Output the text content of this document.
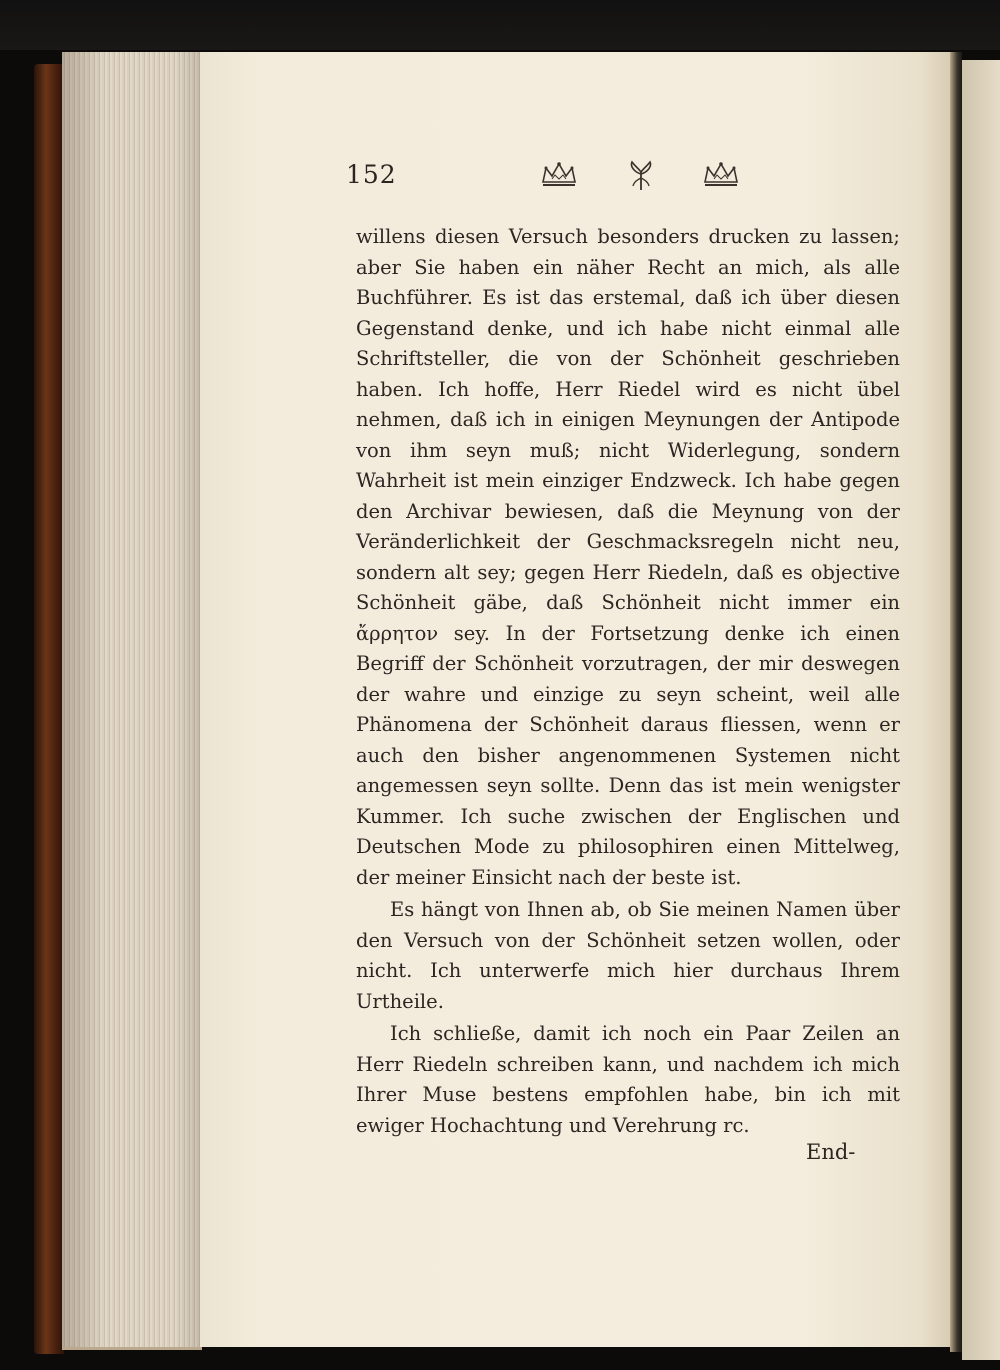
152

willens diesen Versuch besonders drucken zu lassen; aber Sie haben ein näher Recht an mich, als alle Buchführer. Es ist das erstemal, daß ich über diesen Gegenstand denke, und ich habe nicht einmal alle Schriftsteller, die von der Schönheit geschrieben haben. Ich hoffe, Herr Riedel wird es nicht übel nehmen, daß ich in einigen Meynungen der Antipode von ihm seyn muß; nicht Widerlegung, sondern Wahrheit ist mein einziger Endzweck. Ich habe gegen den Archivar bewiesen, daß die Meynung von der Veränderlichkeit der Geschmacksregeln nicht neu, sondern alt sey; gegen Herr Riedeln, daß es objective Schönheit gäbe, daß Schönheit nicht immer ein ἄρρητον sey. In der Fortsetzung denke ich einen Begriff der Schönheit vorzutragen, der mir deswegen der wahre und einzige zu seyn scheint, weil alle Phänomena der Schönheit daraus fliessen, wenn er auch den bisher angenommenen Systemen nicht angemessen seyn sollte. Denn das ist mein wenigster Kummer. Ich suche zwischen der Englischen und Deutschen Mode zu philosophiren einen Mittelweg, der meiner Einsicht nach der beste ist.

Es hängt von Ihnen ab, ob Sie meinen Namen über den Versuch von der Schönheit setzen wollen, oder nicht. Ich unterwerfe mich hier durchaus Ihrem Urtheile.

Ich schließe, damit ich noch ein Paar Zeilen an Herr Riedeln schreiben kann, und nachdem ich mich Ihrer Muse bestens empfohlen habe, bin ich mit ewiger Hochachtung und Verehrung rc.

End-
